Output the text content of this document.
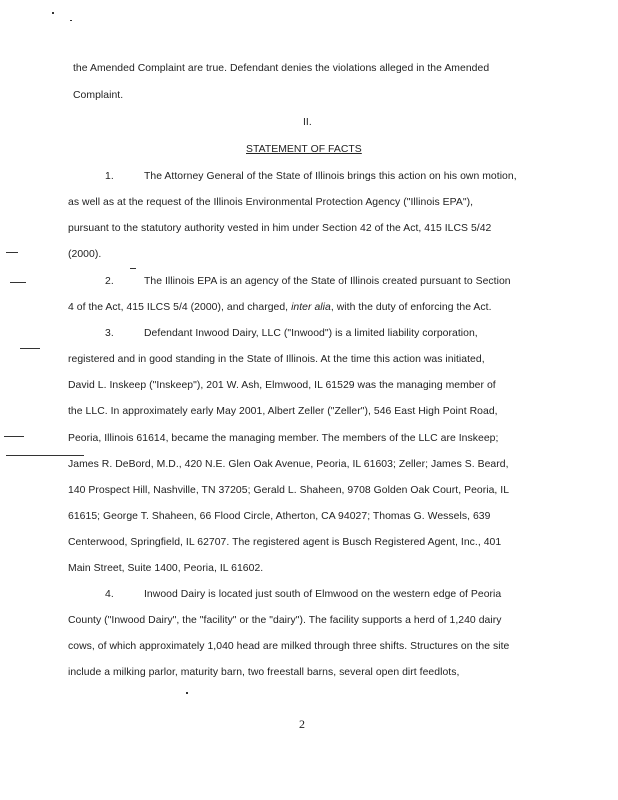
the Amended Complaint are true. Defendant denies the violations alleged in the Amended
Complaint.
II.
STATEMENT OF FACTS
1.	The Attorney General of the State of Illinois brings this action on his own motion,
as well as at the request of the Illinois Environmental Protection Agency ("Illinois EPA"),
pursuant to the statutory authority vested in him under Section 42 of the Act, 415 ILCS 5/42
(2000).
2.	The Illinois EPA is an agency of the State of Illinois created pursuant to Section
4 of the Act, 415 ILCS 5/4 (2000), and charged, inter alia, with the duty of enforcing the Act.
3.	Defendant Inwood Dairy, LLC ("Inwood") is a limited liability corporation,
registered and in good standing in the State of Illinois. At the time this action was initiated,
David L. Inskeep ("Inskeep"), 201 W. Ash, Elmwood, IL 61529 was the managing member of
the LLC. In approximately early May 2001, Albert Zeller ("Zeller"), 546 East High Point Road,
Peoria, Illinois 61614, became the managing member. The members of the LLC are Inskeep;
James R. DeBord, M.D., 420 N.E. Glen Oak Avenue, Peoria, IL 61603; Zeller; James S. Beard,
140 Prospect Hill, Nashville, TN 37205; Gerald L. Shaheen, 9708 Golden Oak Court, Peoria, IL
61615; George T. Shaheen, 66 Flood Circle, Atherton, CA 94027; Thomas G. Wessels, 639
Centerwood, Springfield, IL 62707. The registered agent is Busch Registered Agent, Inc., 401
Main Street, Suite 1400, Peoria, IL 61602.
4.	Inwood Dairy is located just south of Elmwood on the western edge of Peoria
County ("Inwood Dairy", the "facility" or the "dairy"). The facility supports a herd of 1,240 dairy
cows, of which approximately 1,040 head are milked through three shifts. Structures on the site
include a milking parlor, maturity barn, two freestall barns, several open dirt feedlots,
2
